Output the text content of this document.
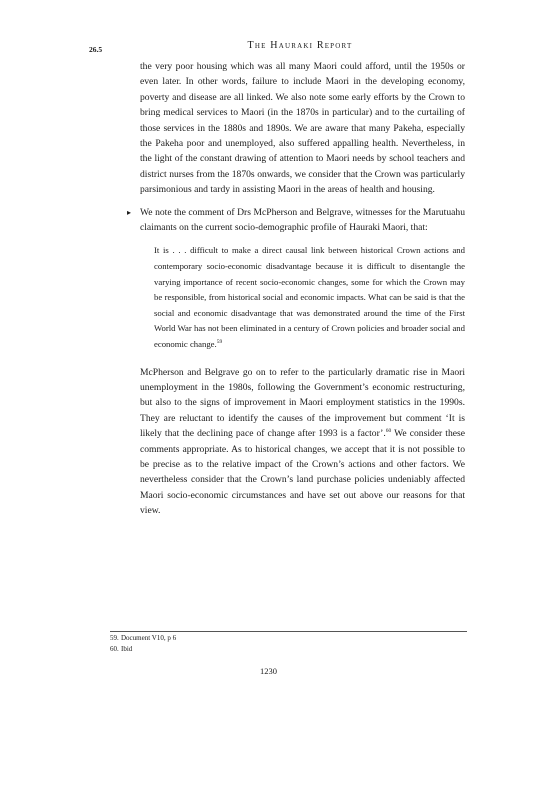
26.5	The Hauraki Report

the very poor housing which was all many Maori could afford, until the 1950s or even later. In other words, failure to include Maori in the developing economy, poverty and disease are all linked. We also note some early efforts by the Crown to bring medical services to Maori (in the 1870s in particular) and to the curtailing of those services in the 1880s and 1890s. We are aware that many Pakeha, especially the Pakeha poor and unemployed, also suffered appalling health. Nevertheless, in the light of the constant drawing of attention to Maori needs by school teachers and district nurses from the 1870s onwards, we consider that the Crown was particularly parsimonious and tardy in assisting Maori in the areas of health and housing.

▸ We note the comment of Drs McPherson and Belgrave, witnesses for the Marutuahu claimants on the current socio-demographic profile of Hauraki Maori, that:

It is . . . difficult to make a direct causal link between historical Crown actions and contemporary socio-economic disadvantage because it is difficult to disentangle the varying importance of recent socio-economic changes, some for which the Crown may be responsible, from historical social and economic impacts. What can be said is that the social and economic disadvantage that was demonstrated around the time of the First World War has not been eliminated in a century of Crown policies and broader social and economic change.$^{59}$

McPherson and Belgrave go on to refer to the particularly dramatic rise in Maori unemployment in the 1980s, following the Government’s economic restructuring, but also to the signs of improvement in Maori employment statistics in the 1990s. They are reluctant to identify the causes of the improvement but comment ‘It is likely that the declining pace of change after 1993 is a factor’.$^{60}$ We consider these comments appropriate. As to historical changes, we accept that it is not possible to be precise as to the relative impact of the Crown’s actions and other factors. We nevertheless consider that the Crown’s land purchase policies undeniably affected Maori socio-economic circumstances and have set out above our reasons for that view.

59. Document V10, p 6
60. Ibid
1230
